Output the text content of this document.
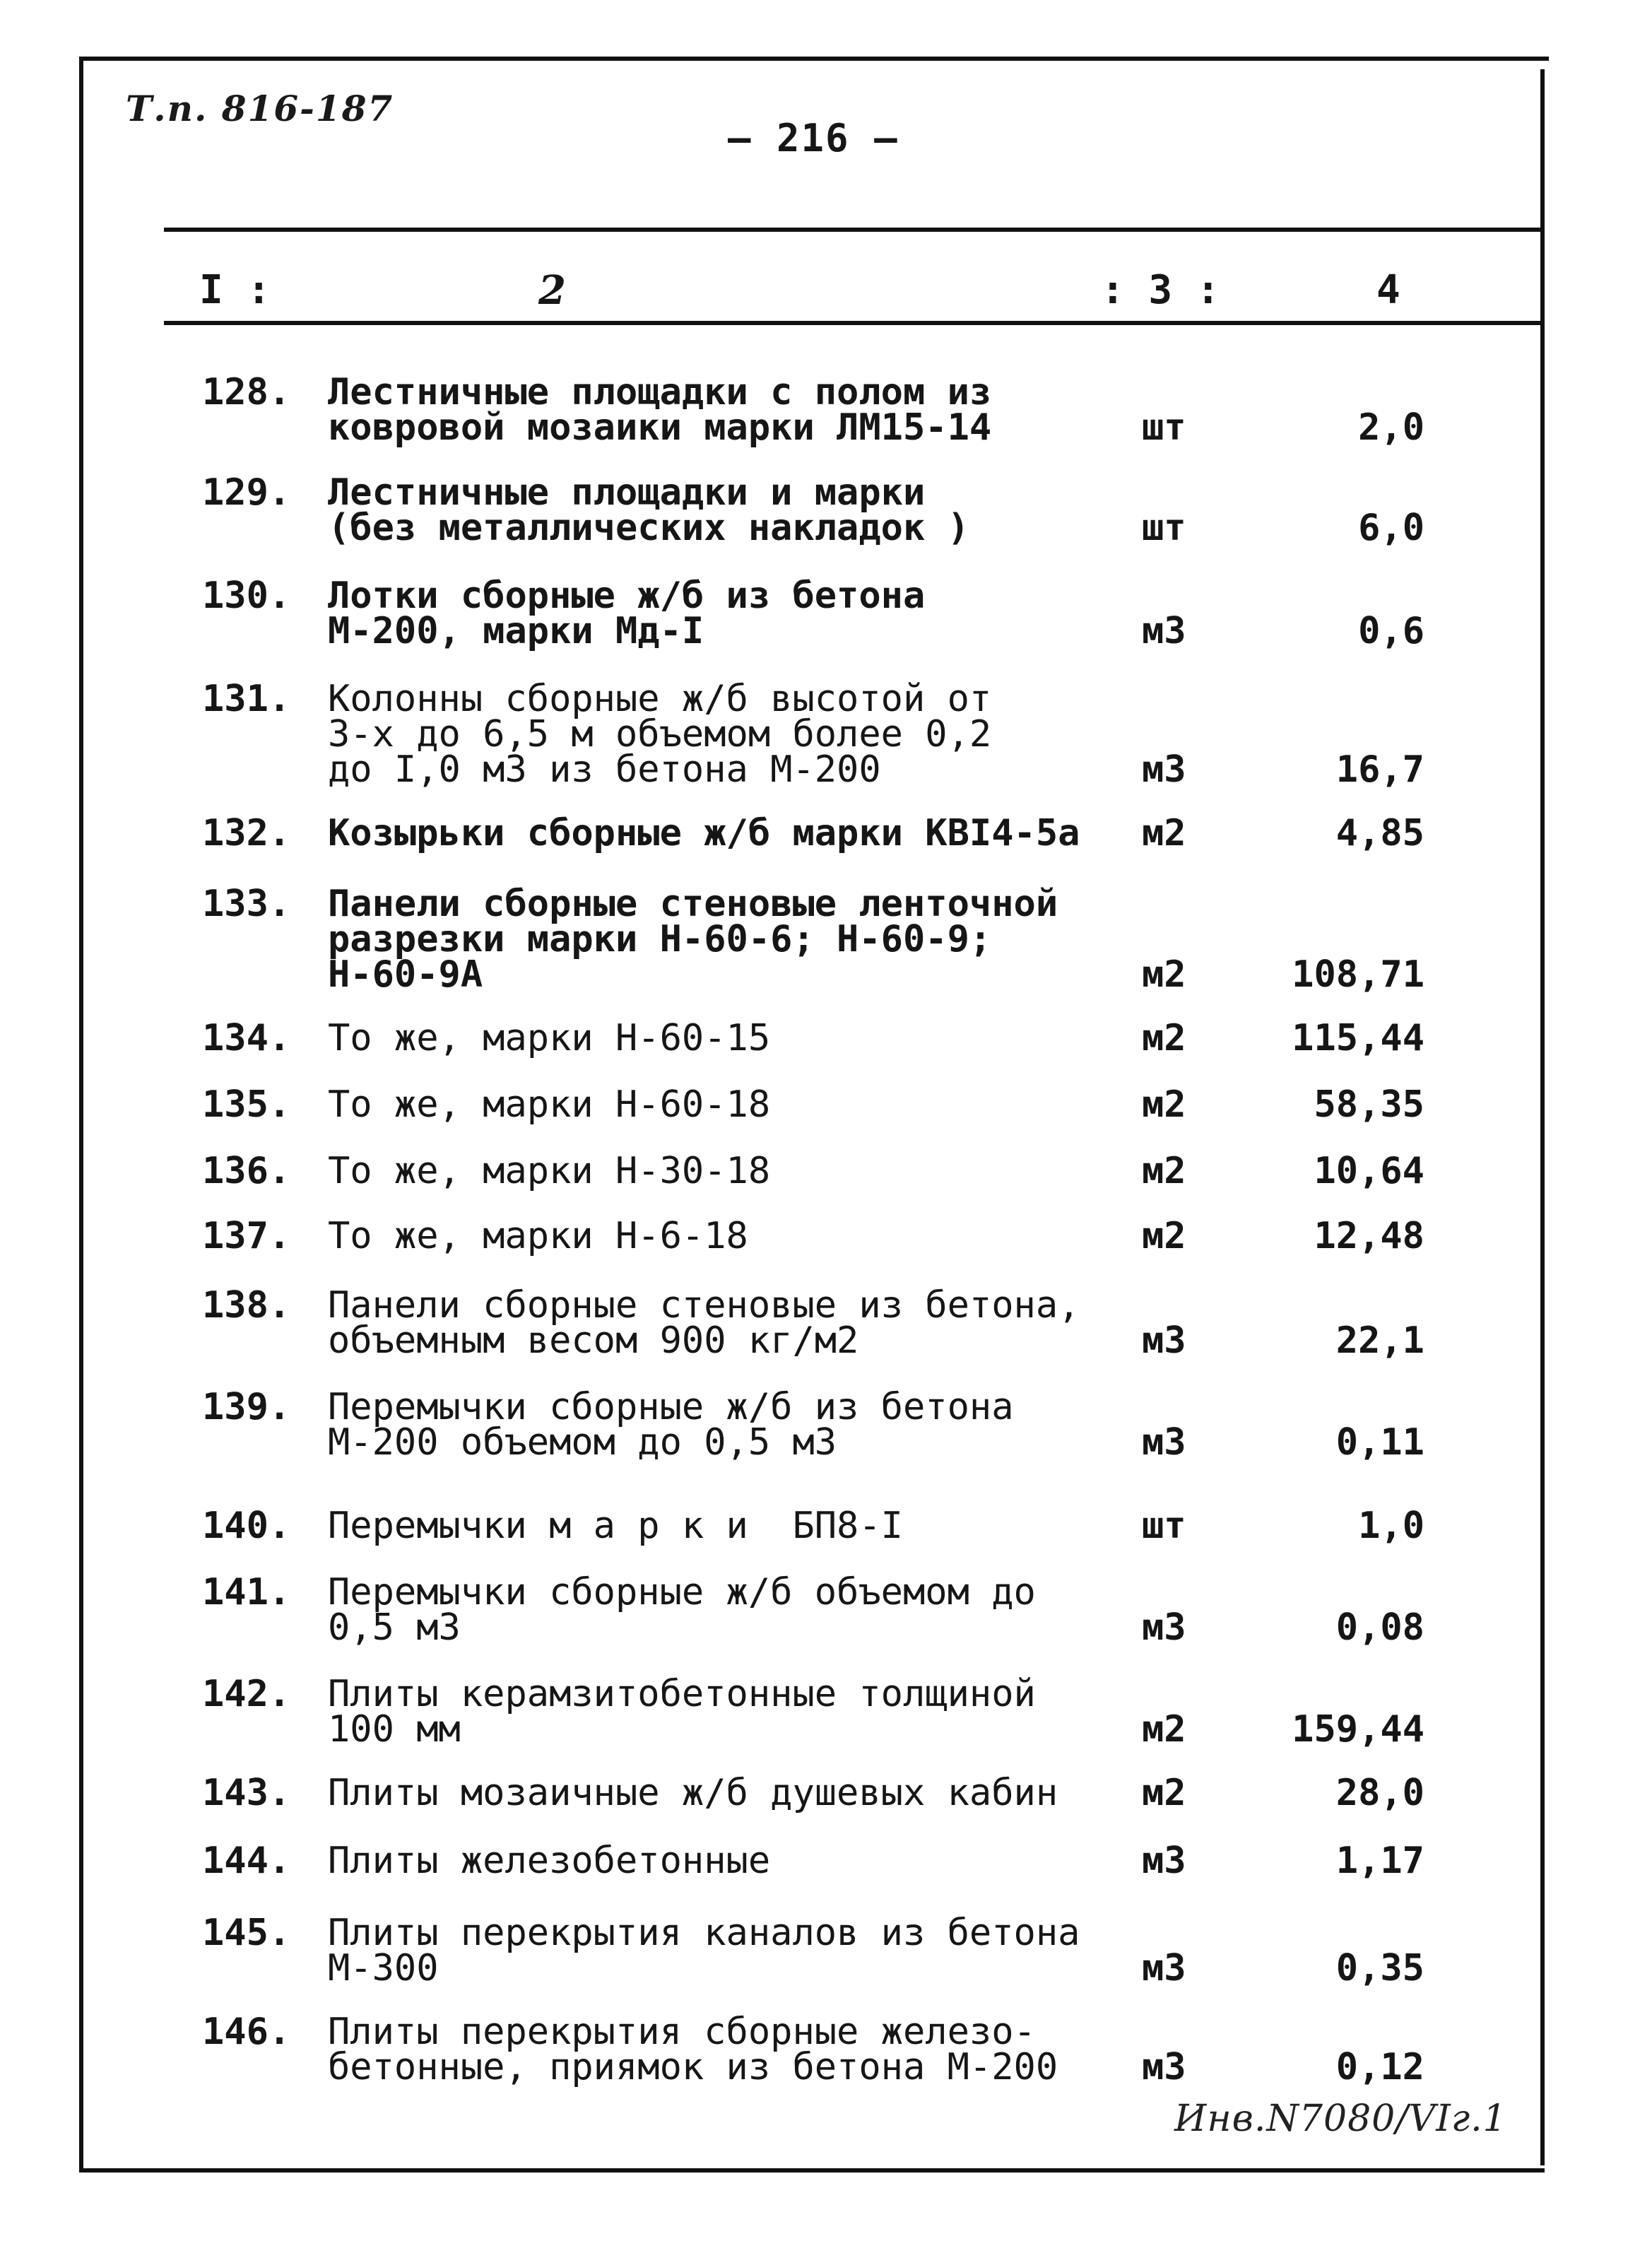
Т.п. 816-187
– 216 –
I :	2	: 3 :	4
128. Лестничные площадки с полом из
ковровой мозаики марки ЛМ15-14	шт	2,0
129. Лестничные площадки и марки
(без металлических накладок )	шт	6,0
130. Лотки сборные ж/б из бетона
М-200, марки Мд-I	м3	0,6
131. Колонны сборные ж/б высотой от
3-х до 6,5 м объемом более 0,2
до I,0 м3 из бетона М-200	м3	16,7
132. Козырьки сборные ж/б марки КВI4-5а м2	4,85
133. Панели сборные стеновые ленточной
разрезки марки Н-60-6; Н-60-9;
Н-60-9А	м2	108,71
134. То же, марки Н-60-15	м2	115,44
135. То же, марки Н-60-18	м2	58,35
136. То же, марки Н-30-18	м2	10,64
137. То же, марки Н-6-18	м2	12,48
138. Панели сборные стеновые из бетона,
объемным весом 900 кг/м2	м3	22,1
139. Перемычки сборные ж/б из бетона
М-200 объемом до 0,5 м3	м3	0,11
140. Перемычки м а р к и  БП8-I	шт	1,0
141. Перемычки сборные ж/б объемом до
0,5 м3	м3	0,08
142. Плиты керамзитобетонные толщиной
100 мм	м2	159,44
143. Плиты мозаичные ж/б душевых кабин	м2	28,0
144. Плиты железобетонные	м3	1,17
145. Плиты перекрытия каналов из бетона
М-300	м3	0,35
146. Плиты перекрытия сборные железо-
бетонные, приямок из бетона М-200	м3	0,12
Инв.N7080/VIг.1
